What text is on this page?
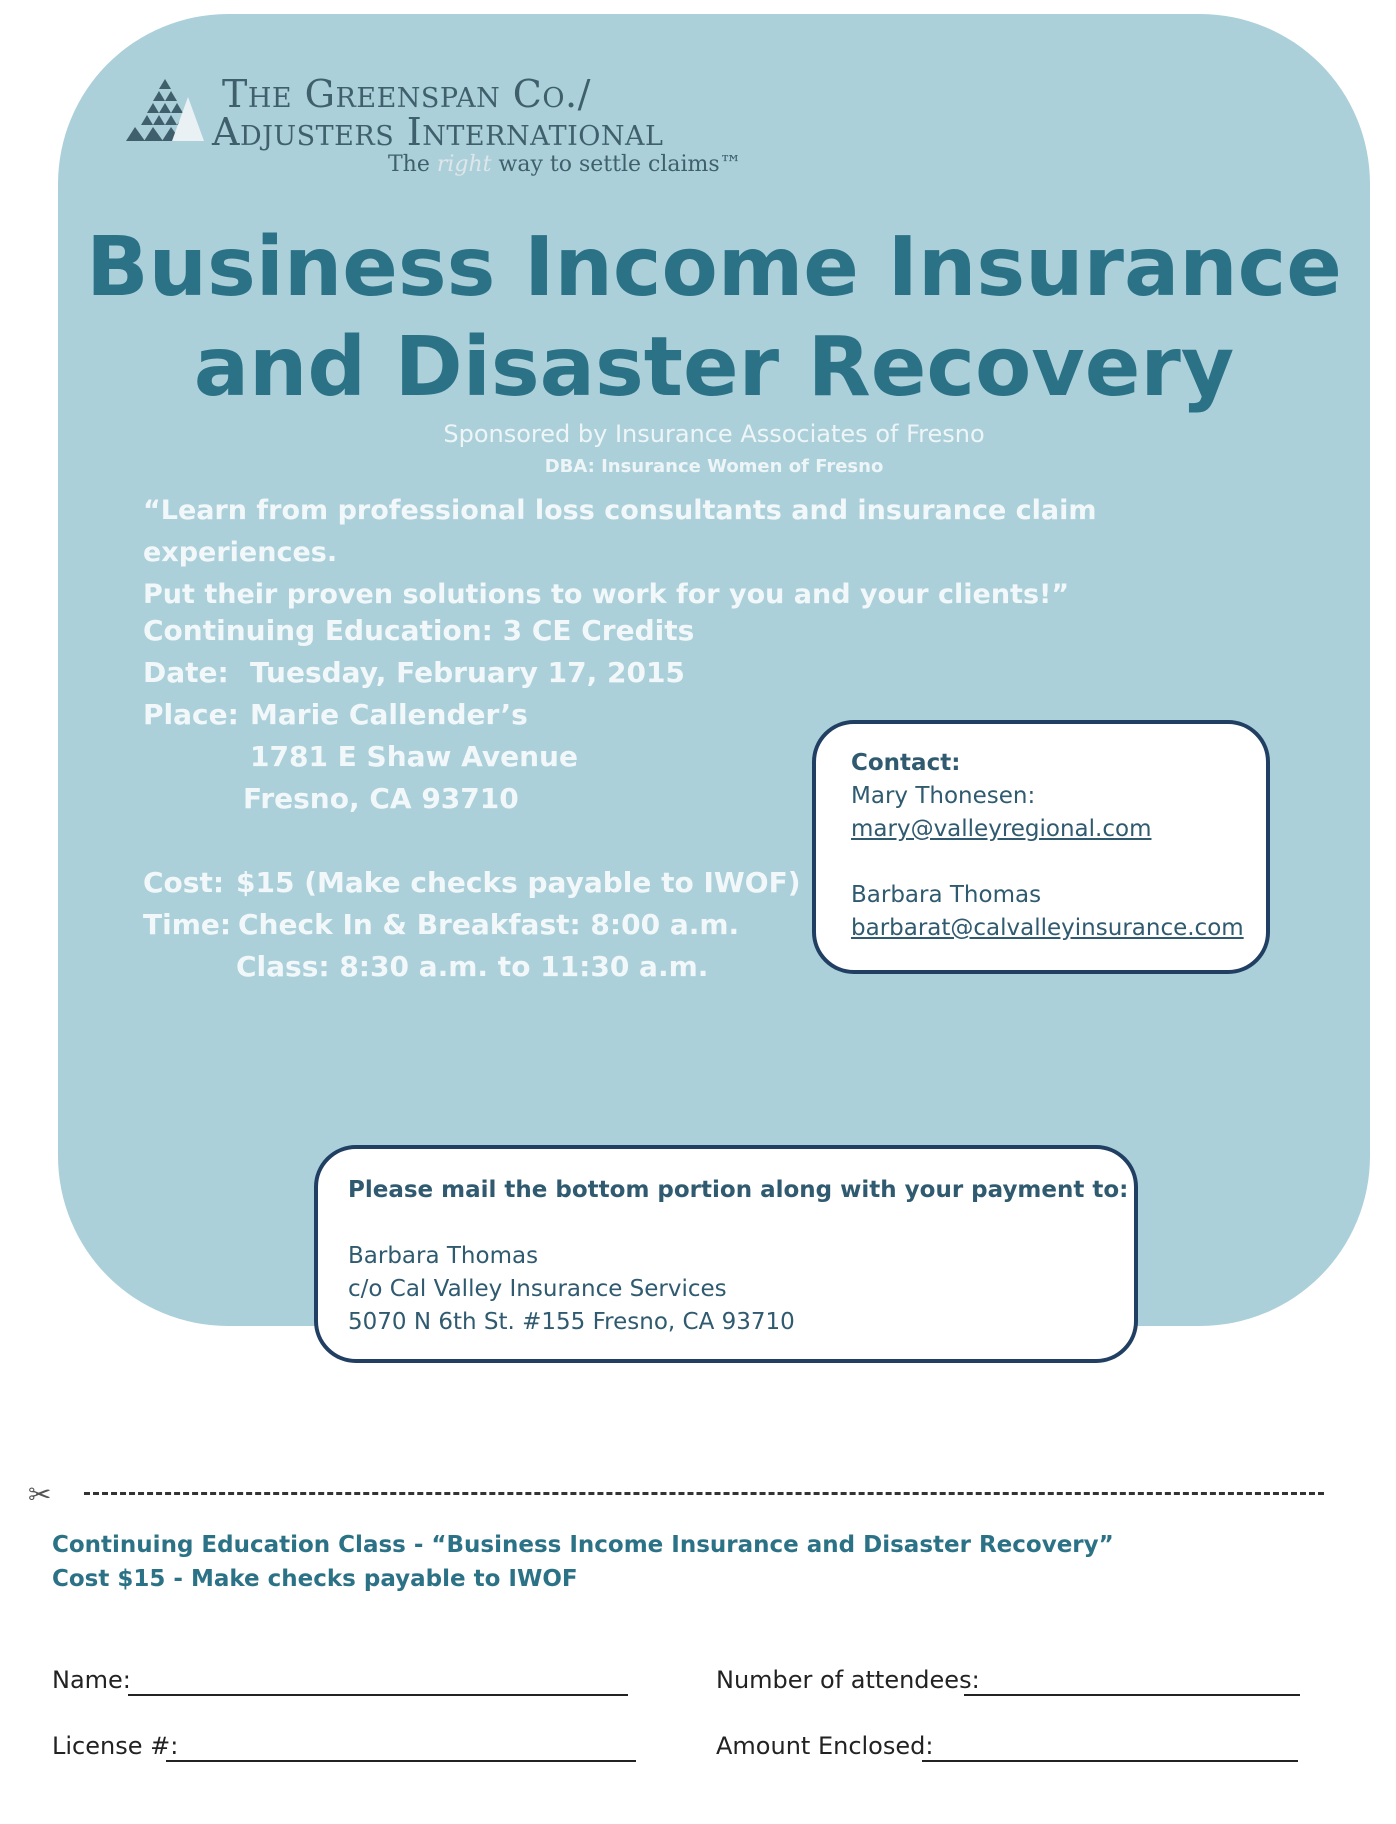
The Greenspan Co./
Adjusters International
The right way to settle claims™
Business Income Insurance
and Disaster Recovery
Sponsored by Insurance Associates of Fresno
DBA: Insurance Women of Fresno
“Learn from professional loss consultants and insurance claim experiences.
Put their proven solutions to work for you and your clients!”
Continuing Education: 3 CE Credits
Date: Tuesday, February 17, 2015
Place: Marie Callender’s
1781 E Shaw Avenue
Fresno, CA 93710
Cost: $15 (Make checks payable to IWOF)
Time: Check In & Breakfast: 8:00 a.m.
Class: 8:30 a.m. to 11:30 a.m.
Contact:
Mary Thonesen:
mary@valleyregional.com
Barbara Thomas
barbarat@calvalleyinsurance.com
Please mail the bottom portion along with your payment to:
Barbara Thomas
c/o Cal Valley Insurance Services
5070 N 6th St. #155 Fresno, CA 93710
✂
Continuing Education Class - “Business Income Insurance and Disaster Recovery”
Cost $15 - Make checks payable to IWOF
Name:	Number of attendees:
License #:	Amount Enclosed:
